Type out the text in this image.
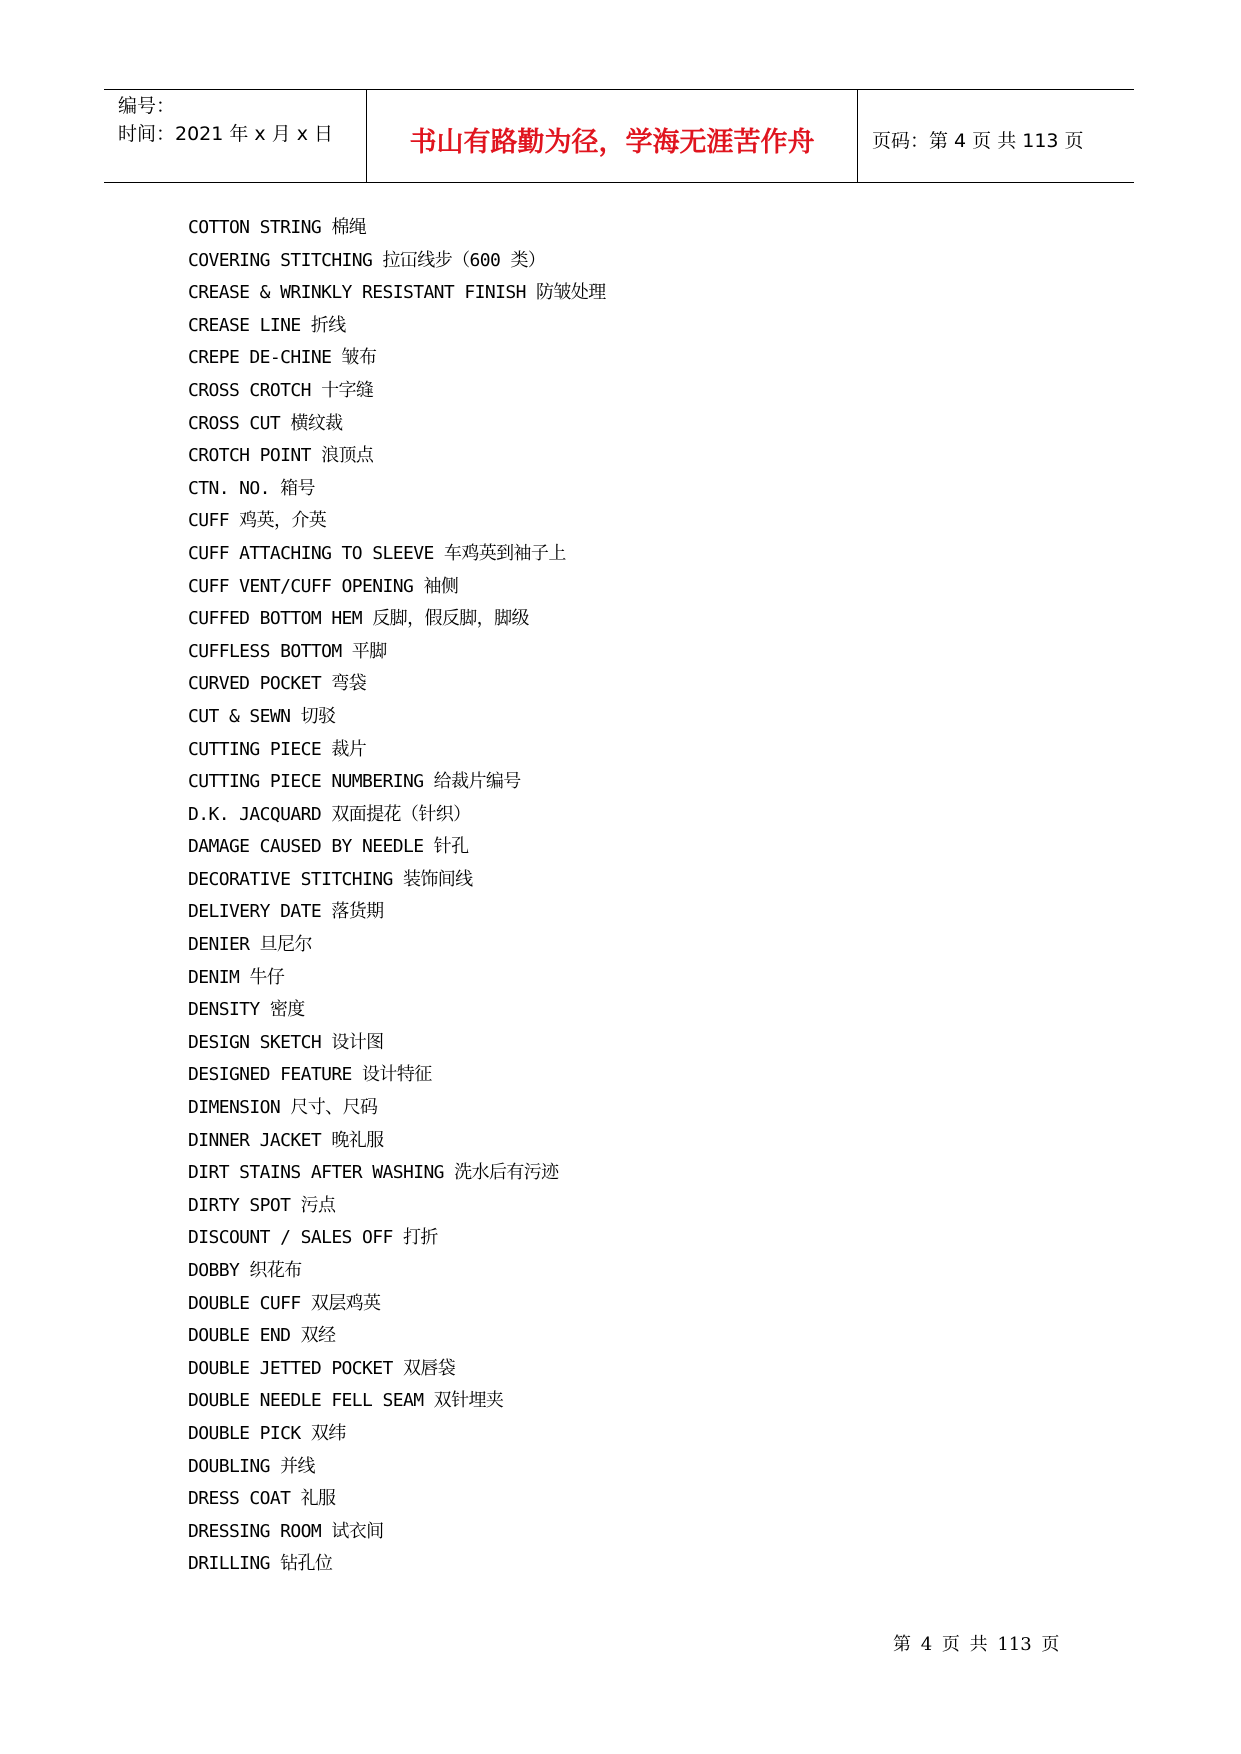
编号：
时间：2021 年 x 月 x 日	书山有路勤为径，学海无涯苦作舟	页码：第 4 页 共 113 页
COTTON STRING 棉绳
COVERING STITCHING 拉冚线步（600 类）
CREASE & WRINKLY RESISTANT FINISH 防皱处理
CREASE LINE 折线
CREPE DE-CHINE 皱布
CROSS CROTCH 十字缝
CROSS CUT 横纹裁
CROTCH POINT 浪顶点
CTN. NO. 箱号
CUFF 鸡英，介英
CUFF ATTACHING TO SLEEVE 车鸡英到袖子上
CUFF VENT/CUFF OPENING 袖侧
CUFFED BOTTOM HEM 反脚，假反脚，脚级
CUFFLESS BOTTOM 平脚
CURVED POCKET 弯袋
CUT & SEWN 切驳
CUTTING PIECE 裁片
CUTTING PIECE NUMBERING 给裁片编号
D.K. JACQUARD 双面提花（针织）
DAMAGE CAUSED BY NEEDLE 针孔
DECORATIVE STITCHING 装饰间线
DELIVERY DATE 落货期
DENIER 旦尼尔
DENIM 牛仔
DENSITY 密度
DESIGN SKETCH 设计图
DESIGNED FEATURE 设计特征
DIMENSION 尺寸、尺码
DINNER JACKET 晚礼服
DIRT STAINS AFTER WASHING 洗水后有污迹
DIRTY SPOT 污点
DISCOUNT / SALES OFF 打折
DOBBY 织花布
DOUBLE CUFF 双层鸡英
DOUBLE END 双经
DOUBLE JETTED POCKET 双唇袋
DOUBLE NEEDLE FELL SEAM 双针埋夹
DOUBLE PICK 双纬
DOUBLING 并线
DRESS COAT 礼服
DRESSING ROOM 试衣间
DRILLING 钻孔位
第 4 页 共 113 页
